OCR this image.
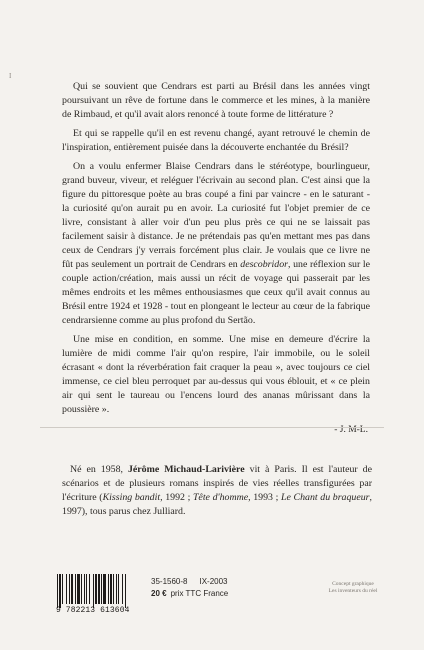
I

Qui se souvient que Cendrars est parti au Brésil dans les années vingt poursuivant un rêve de fortune dans le commerce et les mines, à la manière de Rimbaud, et qu'il avait alors renoncé à toute forme de littérature ?

Et qui se rappelle qu'il en est revenu changé, ayant retrouvé le chemin de l'inspiration, entièrement puisée dans la découverte enchantée du Brésil?

On a voulu enfermer Blaise Cendrars dans le stéréotype, bourlingueur, grand buveur, viveur, et reléguer l'écrivain au second plan. C'est ainsi que la figure du pittoresque poète au bras coupé a fini par vaincre - en le saturant - la curiosité qu'on aurait pu en avoir. La curiosité fut l'objet premier de ce livre, consistant à aller voir d'un peu plus près ce qui ne se laissait pas facilement saisir à distance. Je ne prétendais pas qu'en mettant mes pas dans ceux de Cendrars j'y verrais forcément plus clair. Je voulais que ce livre ne fût pas seulement un portrait de Cendrars en descobridor, une réflexion sur le couple action/création, mais aussi un récit de voyage qui passerait par les mêmes endroits et les mêmes enthousiasmes que ceux qu'il avait connus au Brésil entre 1924 et 1928 - tout en plongeant le lecteur au cœur de la fabrique cendrarsienne comme au plus profond du Sertão.

Une mise en condition, en somme. Une mise en demeure d'écrire la lumière de midi comme l'air qu'on respire, l'air immobile, ou le soleil écrasant « dont la réverbération fait craquer la peau », avec toujours ce ciel immense, ce ciel bleu perroquet par au-dessus qui vous éblouit, et « ce plein air qui sent le taureau ou l'encens lourd des ananas mûrissant dans la poussière ».

- J. M-L.

Né en 1958, Jérôme Michaud-Larivière vit à Paris. Il est l'auteur de scénarios et de plusieurs romans inspirés de vies réelles transfigurées par l'écriture (Kissing bandit, 1992 ; Tête d'homme, 1993 ; Le Chant du braqueur, 1997), tous parus chez Julliard.

9 782213 613604
35-1560-8 IX-2003
20 € prix TTC France
Concept graphique
Les inventeurs du réel
